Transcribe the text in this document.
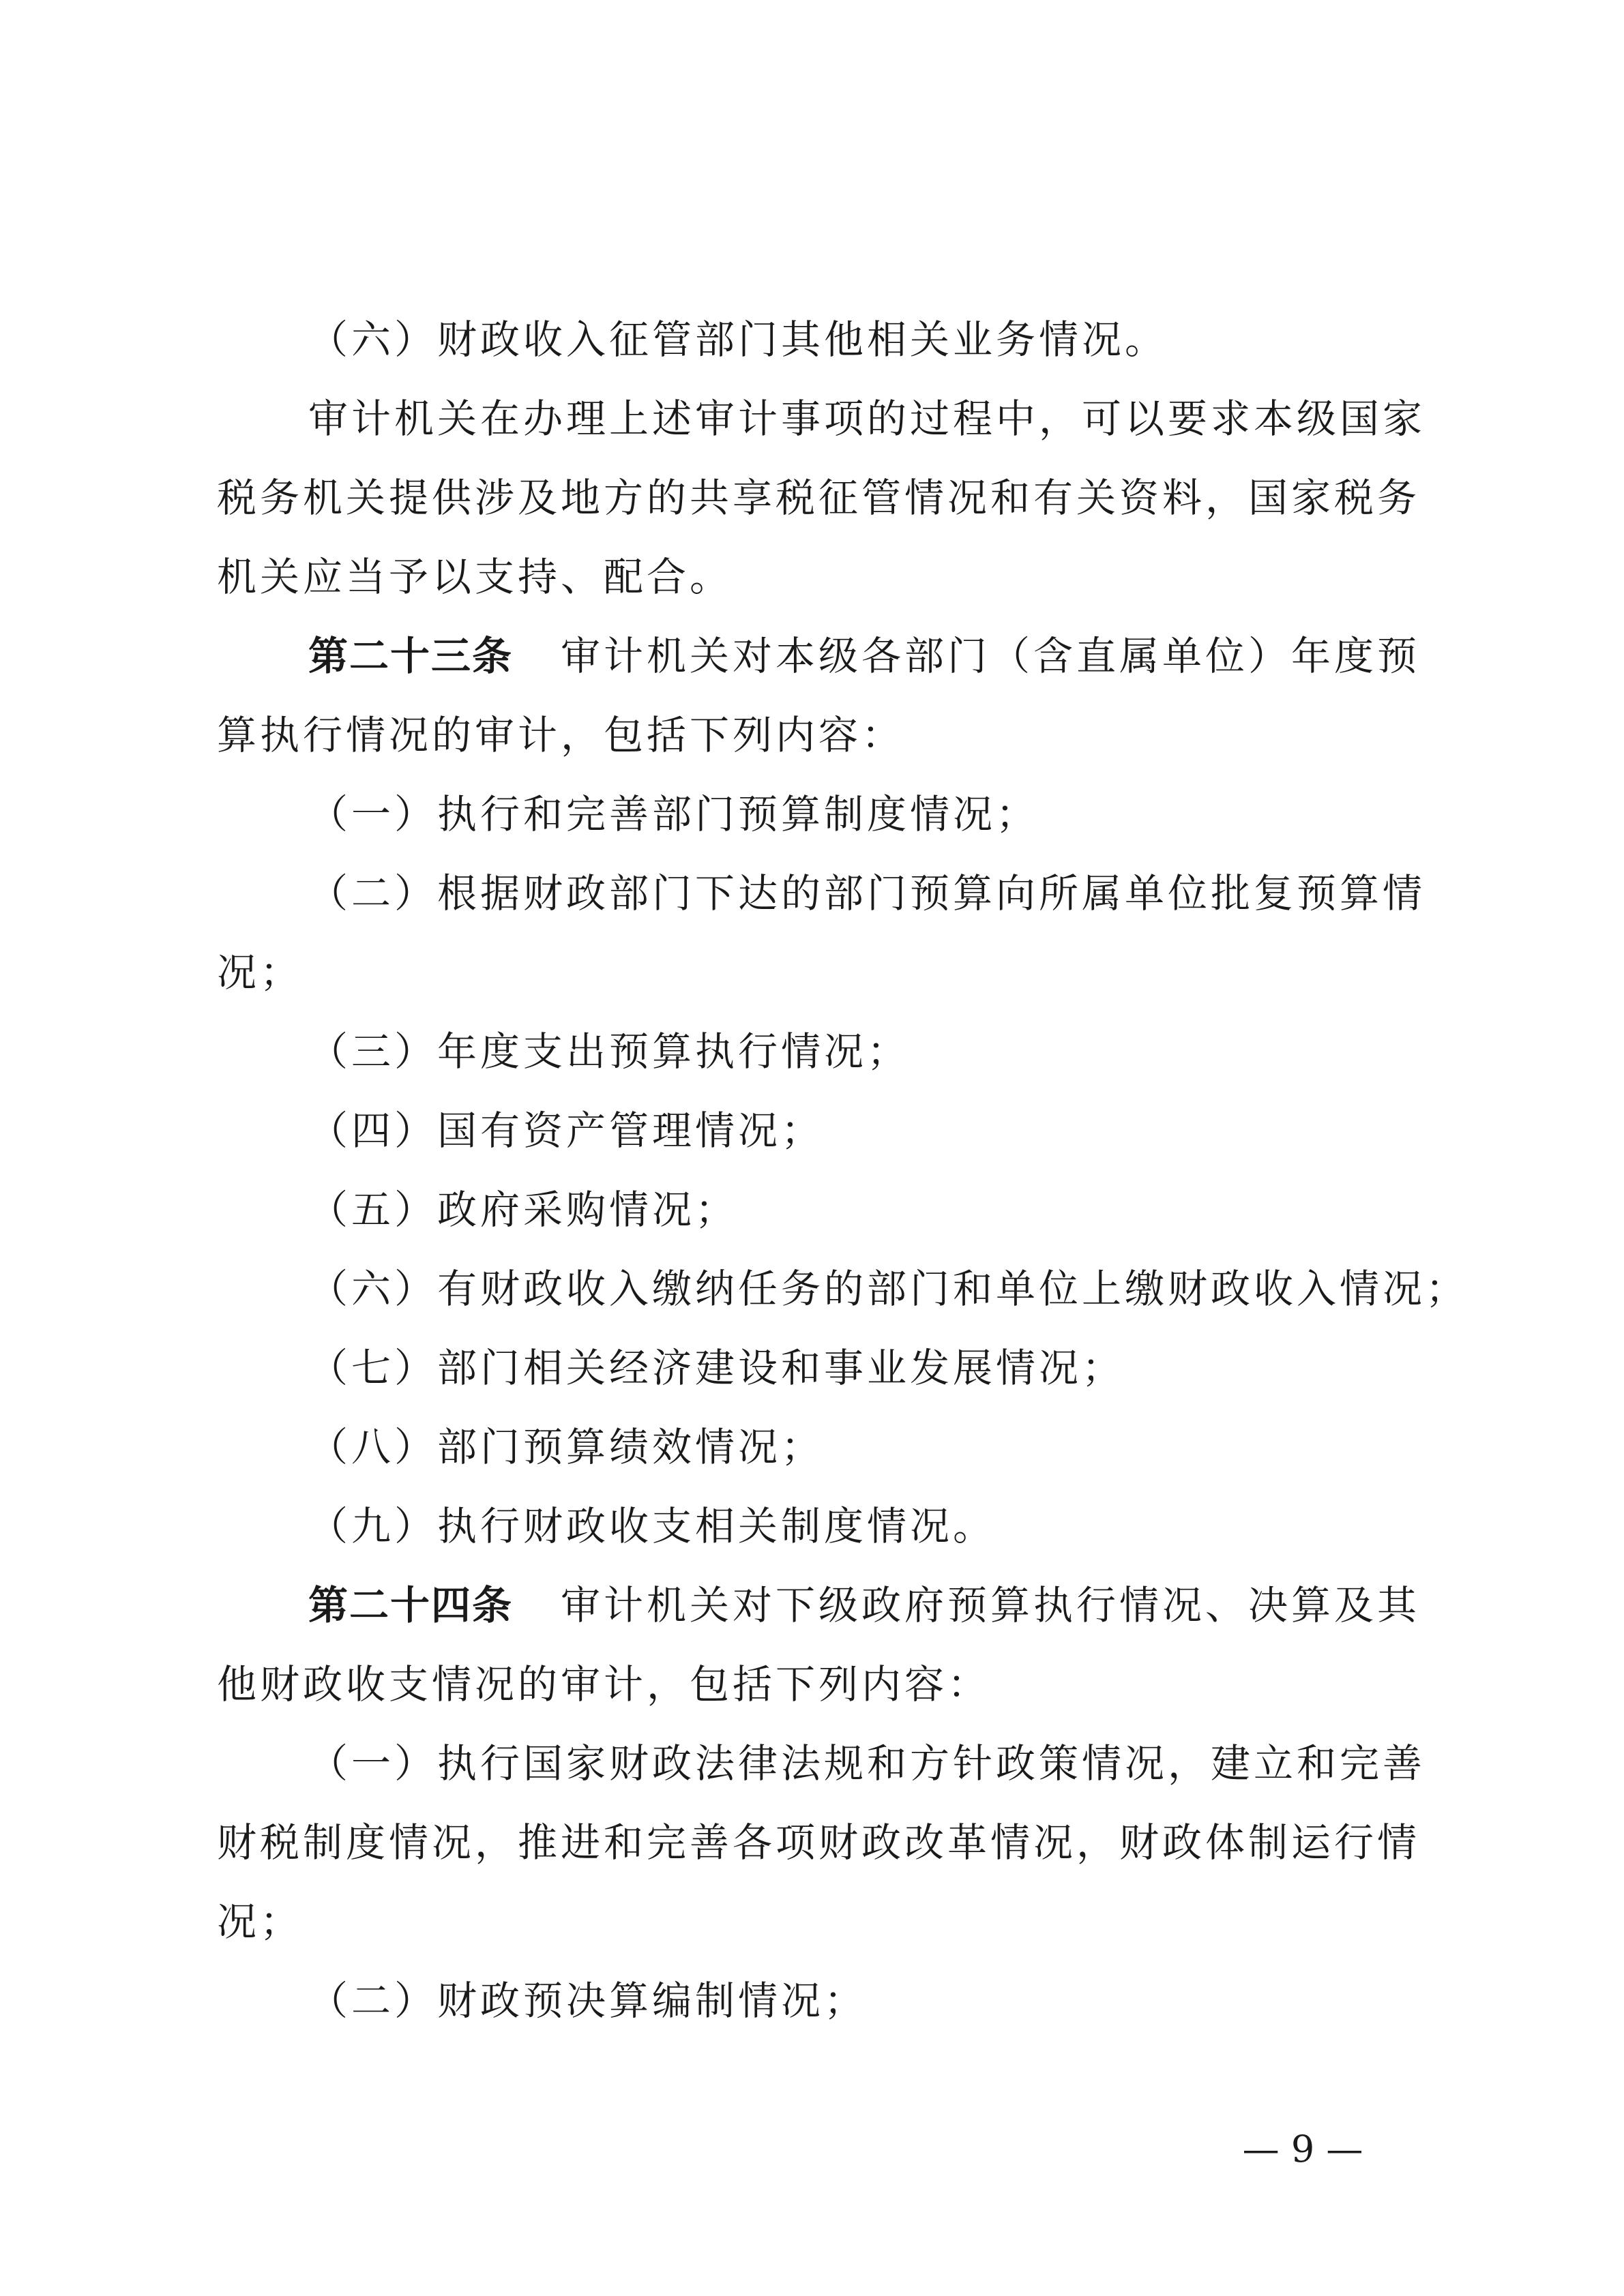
（六）财政收入征管部门其他相关业务情况。
审计机关在办理上述审计事项的过程中，可以要求本级国家
税务机关提供涉及地方的共享税征管情况和有关资料，国家税务
机关应当予以支持、配合。
第二十三条 审计机关对本级各部门（含直属单位）年度预
算执行情况的审计，包括下列内容：
（一）执行和完善部门预算制度情况；
（二）根据财政部门下达的部门预算向所属单位批复预算情
况；
（三）年度支出预算执行情况；
（四）国有资产管理情况；
（五）政府采购情况；
（六）有财政收入缴纳任务的部门和单位上缴财政收入情况；
（七）部门相关经济建设和事业发展情况；
（八）部门预算绩效情况；
（九）执行财政收支相关制度情况。
第二十四条 审计机关对下级政府预算执行情况、决算及其
他财政收支情况的审计，包括下列内容：
（一）执行国家财政法律法规和方针政策情况，建立和完善
财税制度情况，推进和完善各项财政改革情况，财政体制运行情
况；
（二）财政预决算编制情况；
— 9 —
